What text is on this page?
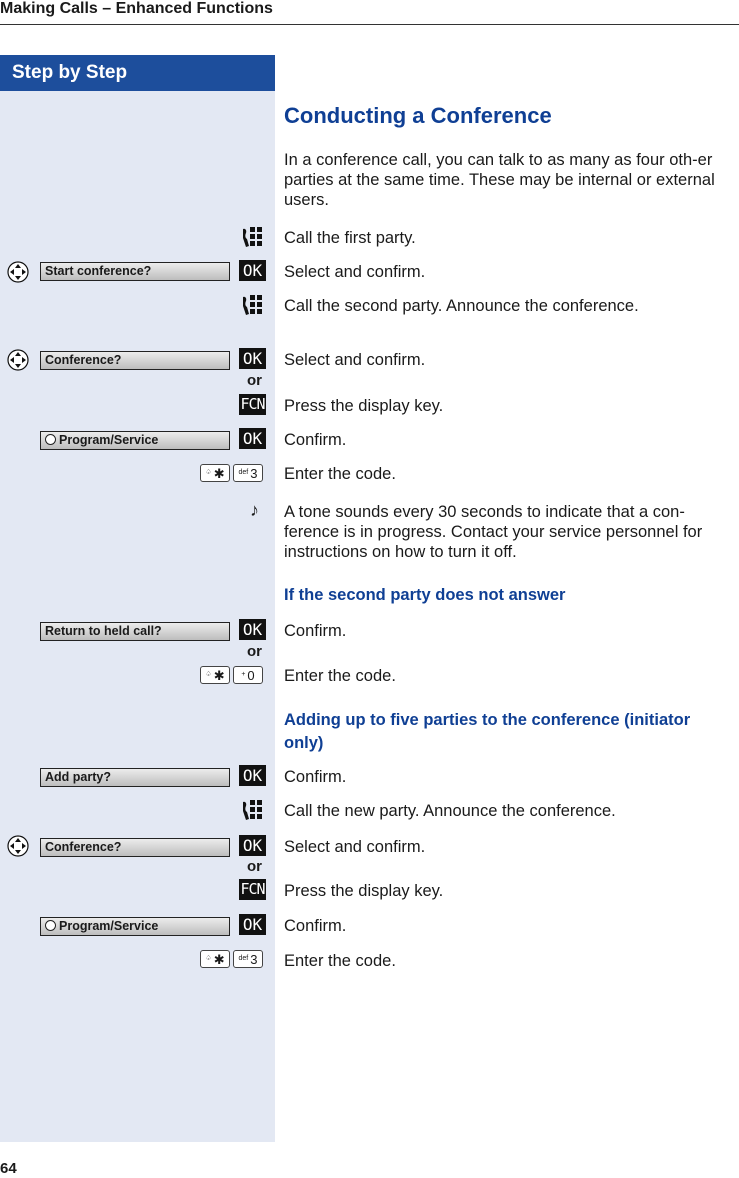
Making Calls – Enhanced Functions
Step by Step
Conducting a Conference
In a conference call, you can talk to as many as four oth-er parties at the same time. These may be internal or external users.
Call the first party.
Start conference?	OK Select and confirm.
Call the second party. Announce the conference.
Conference?	OK Select and confirm.
or
FCN Press the display key.
Program/Service	OK Confirm.
♤ ✱	$^{def}$ 3	Enter the code.
♪ A tone sounds every 30 seconds to indicate that a con-ference is in progress. Contact your service personnel for instructions on how to turn it off.
If the second party does not answer
Return to held call?	OK Confirm.
or
♤ ✱	+ 0	Enter the code.
Adding up to five parties to the conference (initiator only)
Add party?	OK Confirm.
Call the new party. Announce the conference.
Conference?	OK Select and confirm.
or
FCN Press the display key.
Program/Service	OK Confirm.
♤ ✱	$^{def}$ 3	Enter the code.
64
